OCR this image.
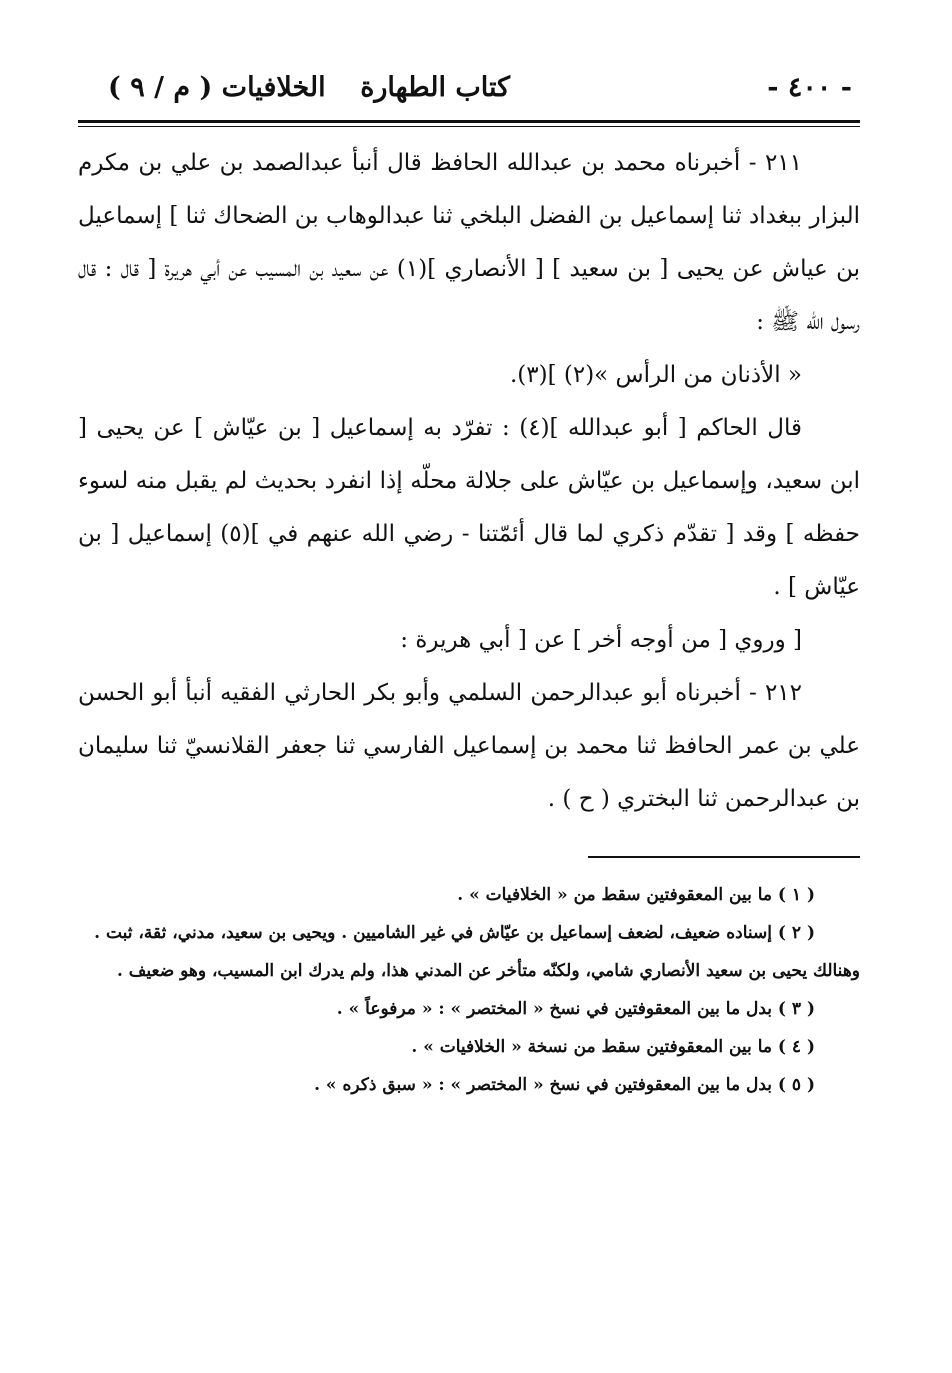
- ٤٠٠ -
كتاب الطهارة
الخلافيات ( م / ٩ )

٢١١ - أخبرناه محمد بن عبدالله الحافظ قال أنبأ عبدالصمد بن علي بن مكرم البزار ببغداد ثنا إسماعيل بن الفضل البلخي ثنا عبدالوهاب بن الضحاك ثنا ] إسماعيل بن عياش عن يحيى [ بن سعيد ] [ الأنصاري ](١) عن سعيد بن المسيب عن أبي هريرة [ قال : قال رسول الله ﷺ :

« الأذنان من الرأس »(٢) ](٣).

قال الحاكم [ أبو عبدالله ](٤) : تفرّد به إسماعيل [ بن عيّاش ] عن يحيى [ ابن سعيد، وإسماعيل بن عيّاش على جلالة محلّه إذا انفرد بحديث لم يقبل منه لسوء حفظه ] وقد [ تقدّم ذكري لما قال أئمّتنا - رضي الله عنهم في ](٥) إسماعيل [ بن عيّاش ] .

[ وروي [ من أوجه أخر ] عن [ أبي هريرة :

٢١٢ - أخبرناه أبو عبدالرحمن السلمي وأبو بكر الحارثي الفقيه أنبأ أبو الحسن علي بن عمر الحافظ ثنا محمد بن إسماعيل الفارسي ثنا جعفر القلانسيّ ثنا سليمان بن عبدالرحمن ثنا البختري ( ح ) .

( ١ ) ما بين المعقوفتين سقط من « الخلافيات » .

( ٢ ) إسناده ضعيف، لضعف إسماعيل بن عيّاش في غير الشاميين . ويحيى بن سعيد، مدني، ثقة، ثبت .

وهنالك يحيى بن سعيد الأنصاري شامي، ولكنّه متأخر عن المدني هذا، ولم يدرك ابن المسيب، وهو ضعيف .

( ٣ ) بدل ما بين المعقوفتين في نسخ « المختصر » : « مرفوعاً » .

( ٤ ) ما بين المعقوفتين سقط من نسخة « الخلافيات » .

( ٥ ) بدل ما بين المعقوفتين في نسخ « المختصر » : « سبق ذكره » .
